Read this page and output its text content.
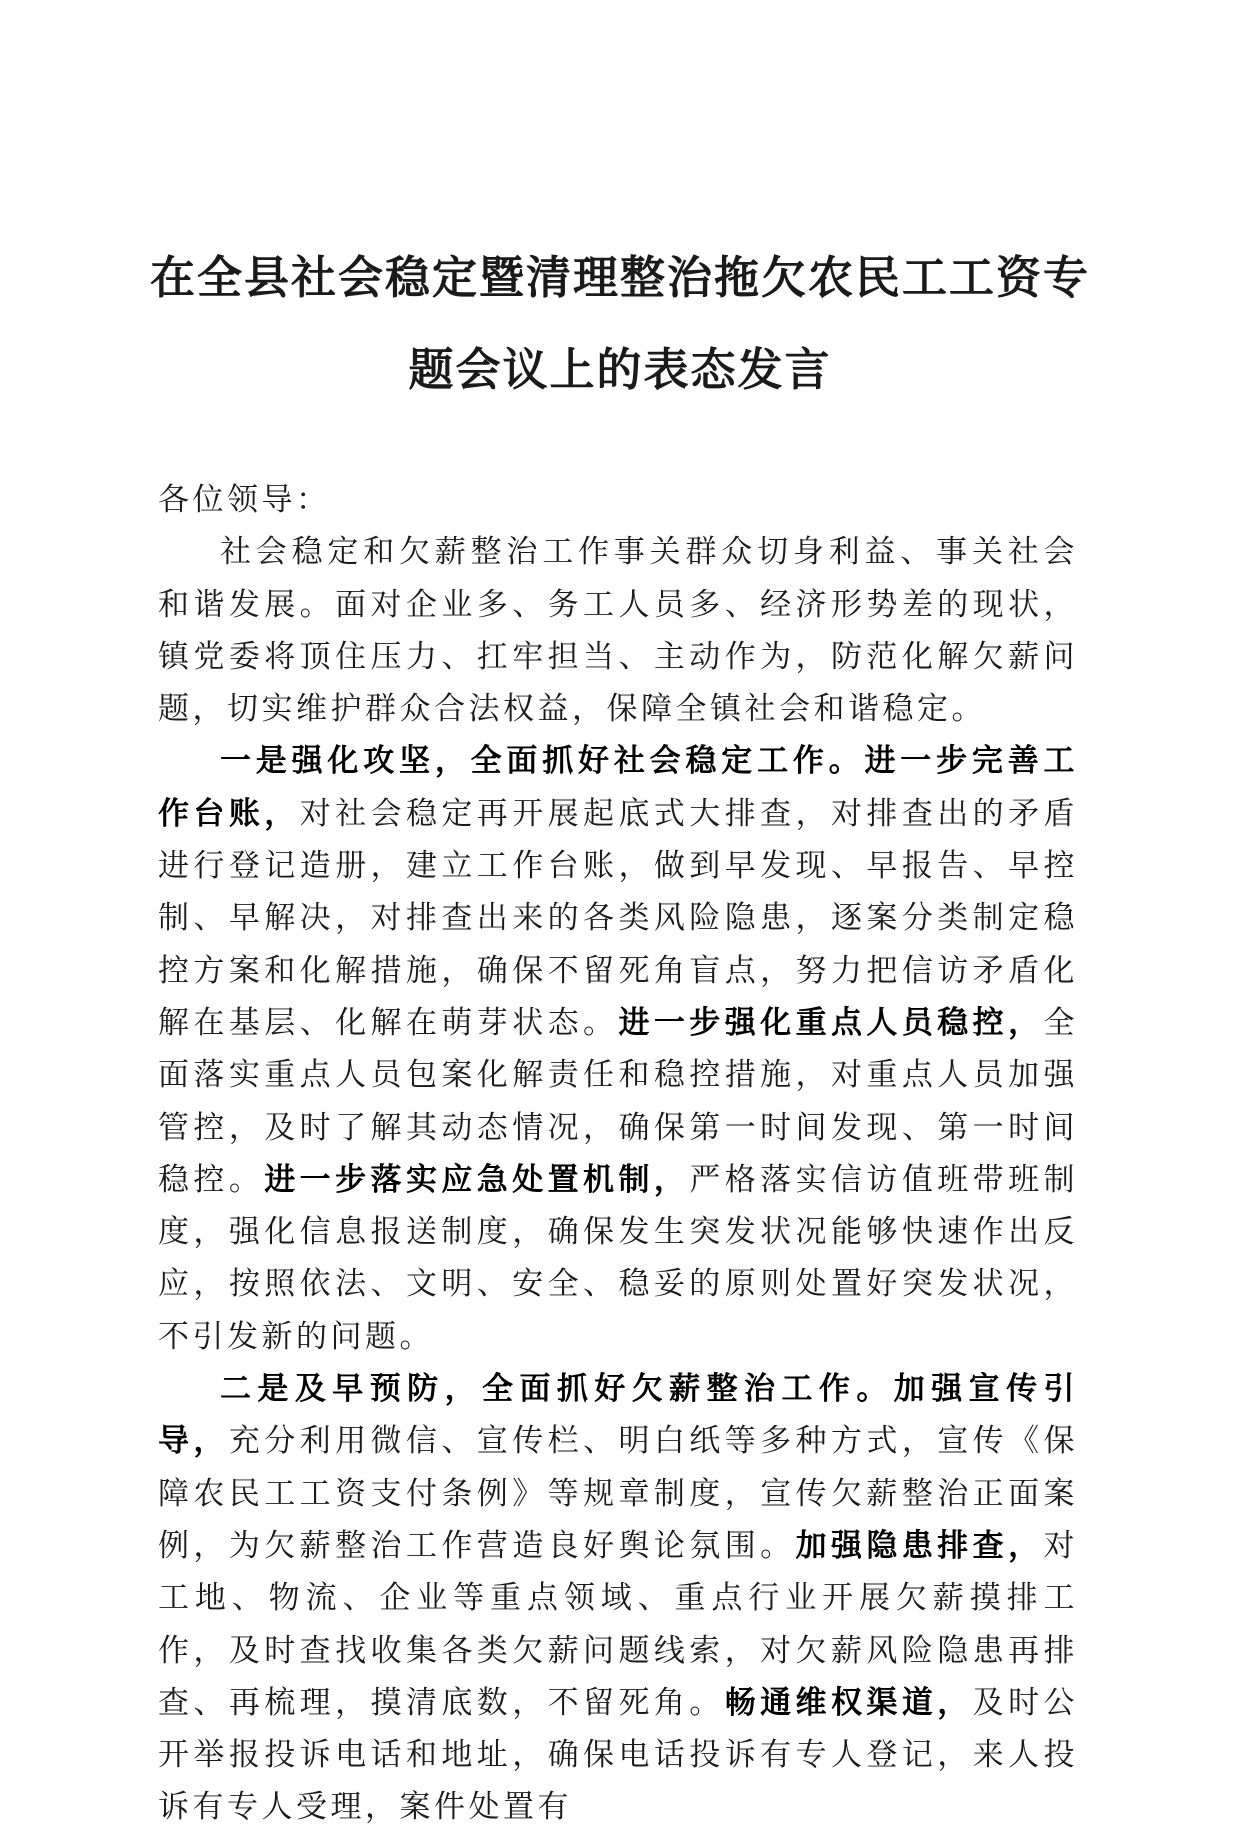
在全县社会稳定暨清理整治拖欠农民工工资专
题会议上的表态发言

各位领导：

社会稳定和欠薪整治工作事关群众切身利益、事关社会和谐发展。面对企业多、务工人员多、经济形势差的现状，镇党委将顶住压力、扛牢担当、主动作为，防范化解欠薪问题，切实维护群众合法权益，保障全镇社会和谐稳定。

一是强化攻坚，全面抓好社会稳定工作。进一步完善工作台账，对社会稳定再开展起底式大排查，对排查出的矛盾进行登记造册，建立工作台账，做到早发现、早报告、早控制、早解决，对排查出来的各类风险隐患，逐案分类制定稳控方案和化解措施，确保不留死角盲点，努力把信访矛盾化解在基层、化解在萌芽状态。进一步强化重点人员稳控，全面落实重点人员包案化解责任和稳控措施，对重点人员加强管控，及时了解其动态情况，确保第一时间发现、第一时间稳控。进一步落实应急处置机制，严格落实信访值班带班制度，强化信息报送制度，确保发生突发状况能够快速作出反应，按照依法、文明、安全、稳妥的原则处置好突发状况，不引发新的问题。

二是及早预防，全面抓好欠薪整治工作。加强宣传引导，充分利用微信、宣传栏、明白纸等多种方式，宣传《保障农民工工资支付条例》等规章制度，宣传欠薪整治正面案例，为欠薪整治工作营造良好舆论氛围。加强隐患排查，对工地、物流、企业等重点领域、重点行业开展欠薪摸排工作，及时查找收集各类欠薪问题线索，对欠薪风险隐患再排查、再梳理，摸清底数，不留死角。畅通维权渠道，及时公开举报投诉电话和地址，确保电话投诉有专人登记，来人投诉有专人受理，案件处置有
